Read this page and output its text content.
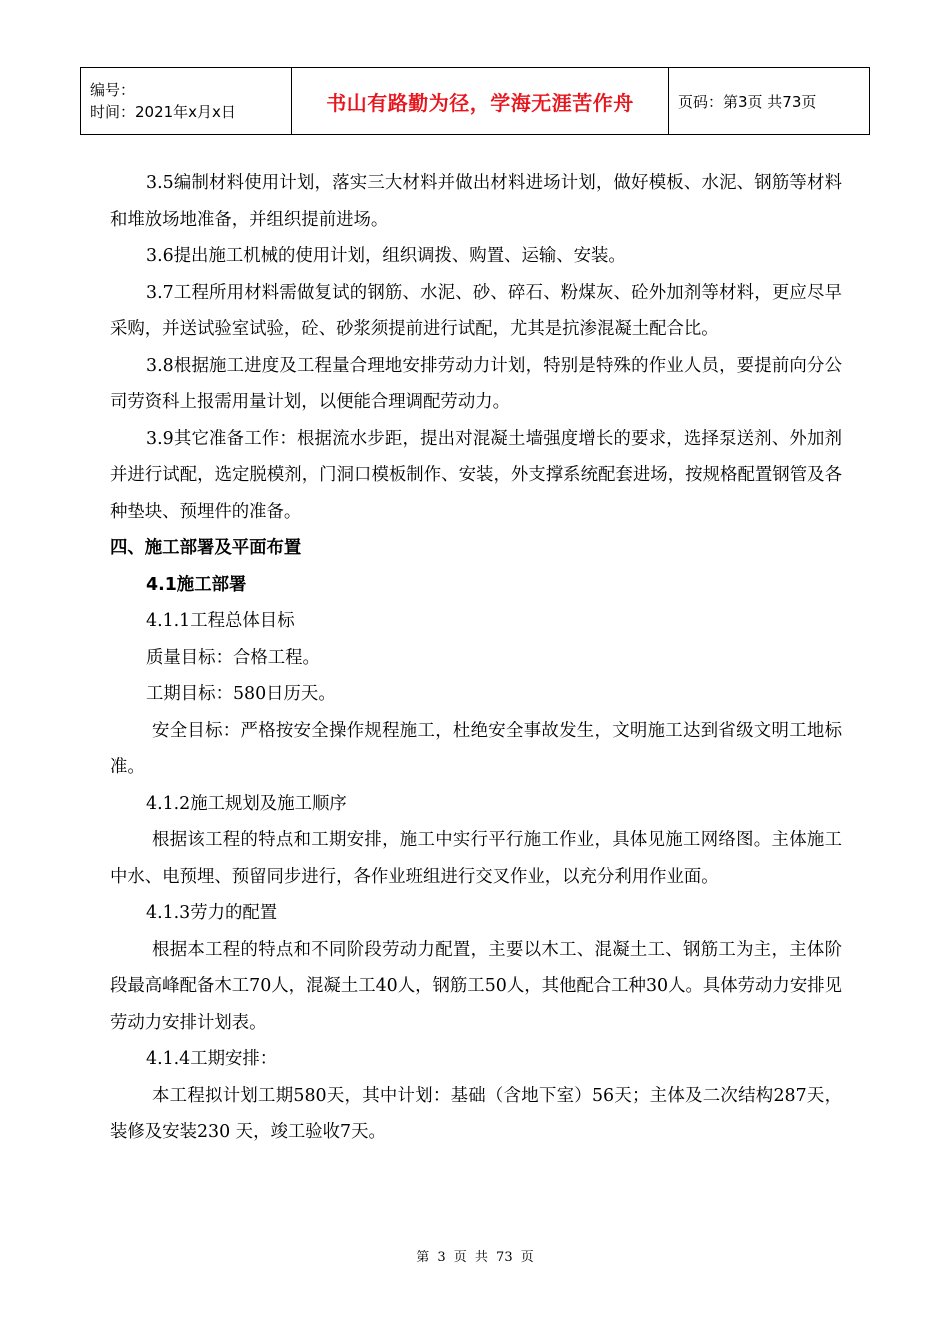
编号：
时间：2021年x月x日	书山有路勤为径，学海无涯苦作舟	页码：第3页 共73页

3.5编制材料使用计划，落实三大材料并做出材料进场计划，做好模板、水泥、钢筋等材料和堆放场地准备，并组织提前进场。

3.6提出施工机械的使用计划，组织调拨、购置、运输、安装。

3.7工程所用材料需做复试的钢筋、水泥、砂、碎石、粉煤灰、砼外加剂等材料，更应尽早采购，并送试验室试验，砼、砂浆须提前进行试配，尤其是抗渗混凝土配合比。

3.8根据施工进度及工程量合理地安排劳动力计划，特别是特殊的作业人员，要提前向分公司劳资科上报需用量计划，以便能合理调配劳动力。

3.9其它准备工作：根据流水步距，提出对混凝土墙强度增长的要求，选择泵送剂、外加剂并进行试配，选定脱模剂，门洞口模板制作、安装，外支撑系统配套进场，按规格配置钢管及各种垫块、预埋件的准备。

四、施工部署及平面布置

4.1施工部署

4.1.1工程总体目标

质量目标：合格工程。

工期目标：580日历天。

安全目标：严格按安全操作规程施工，杜绝安全事故发生，文明施工达到省级文明工地标准。

4.1.2施工规划及施工顺序

根据该工程的特点和工期安排，施工中实行平行施工作业，具体见施工网络图。主体施工中水、电预埋、预留同步进行，各作业班组进行交叉作业，以充分利用作业面。

4.1.3劳力的配置

根据本工程的特点和不同阶段劳动力配置，主要以木工、混凝土工、钢筋工为主，主体阶段最高峰配备木工70人，混凝土工40人，钢筋工50人，其他配合工种30人。具体劳动力安排见劳动力安排计划表。

4.1.4工期安排：

本工程拟计划工期580天，其中计划：基础（含地下室）56天；主体及二次结构287天，装修及安装230 天，竣工验收7天。

第 3 页 共 73 页
